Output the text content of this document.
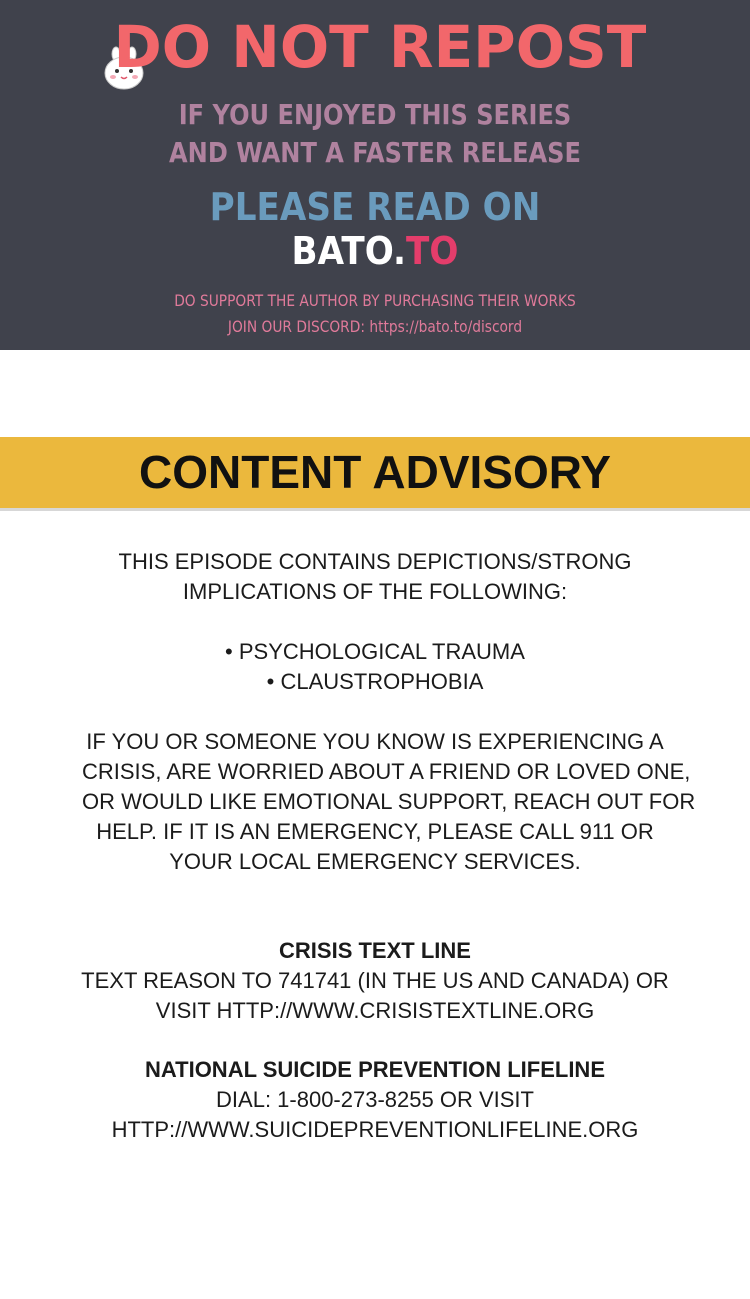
DO NOT REPOST
IF YOU ENJOYED THIS SERIES
AND WANT A FASTER RELEASE
PLEASE READ ON
BATO.TO
DO SUPPORT THE AUTHOR BY PURCHASING THEIR WORKS
JOIN OUR DISCORD: https://bato.to/discord
CONTENT ADVISORY
THIS EPISODE CONTAINS DEPICTIONS/STRONG
IMPLICATIONS OF THE FOLLOWING:
• PSYCHOLOGICAL TRAUMA
• CLAUSTROPHOBIA
IF YOU OR SOMEONE YOU KNOW IS EXPERIENCING A
CRISIS, ARE WORRIED ABOUT A FRIEND OR LOVED ONE,
OR WOULD LIKE EMOTIONAL SUPPORT, REACH OUT FOR
HELP. IF IT IS AN EMERGENCY, PLEASE CALL 911 OR
YOUR LOCAL EMERGENCY SERVICES.
CRISIS TEXT LINE
TEXT REASON TO 741741 (IN THE US AND CANADA) OR
VISIT HTTP://WWW.CRISISTEXTLINE.ORG
NATIONAL SUICIDE PREVENTION LIFELINE
DIAL: 1-800-273-8255 OR VISIT
HTTP://WWW.SUICIDEPREVENTIONLIFELINE.ORG
